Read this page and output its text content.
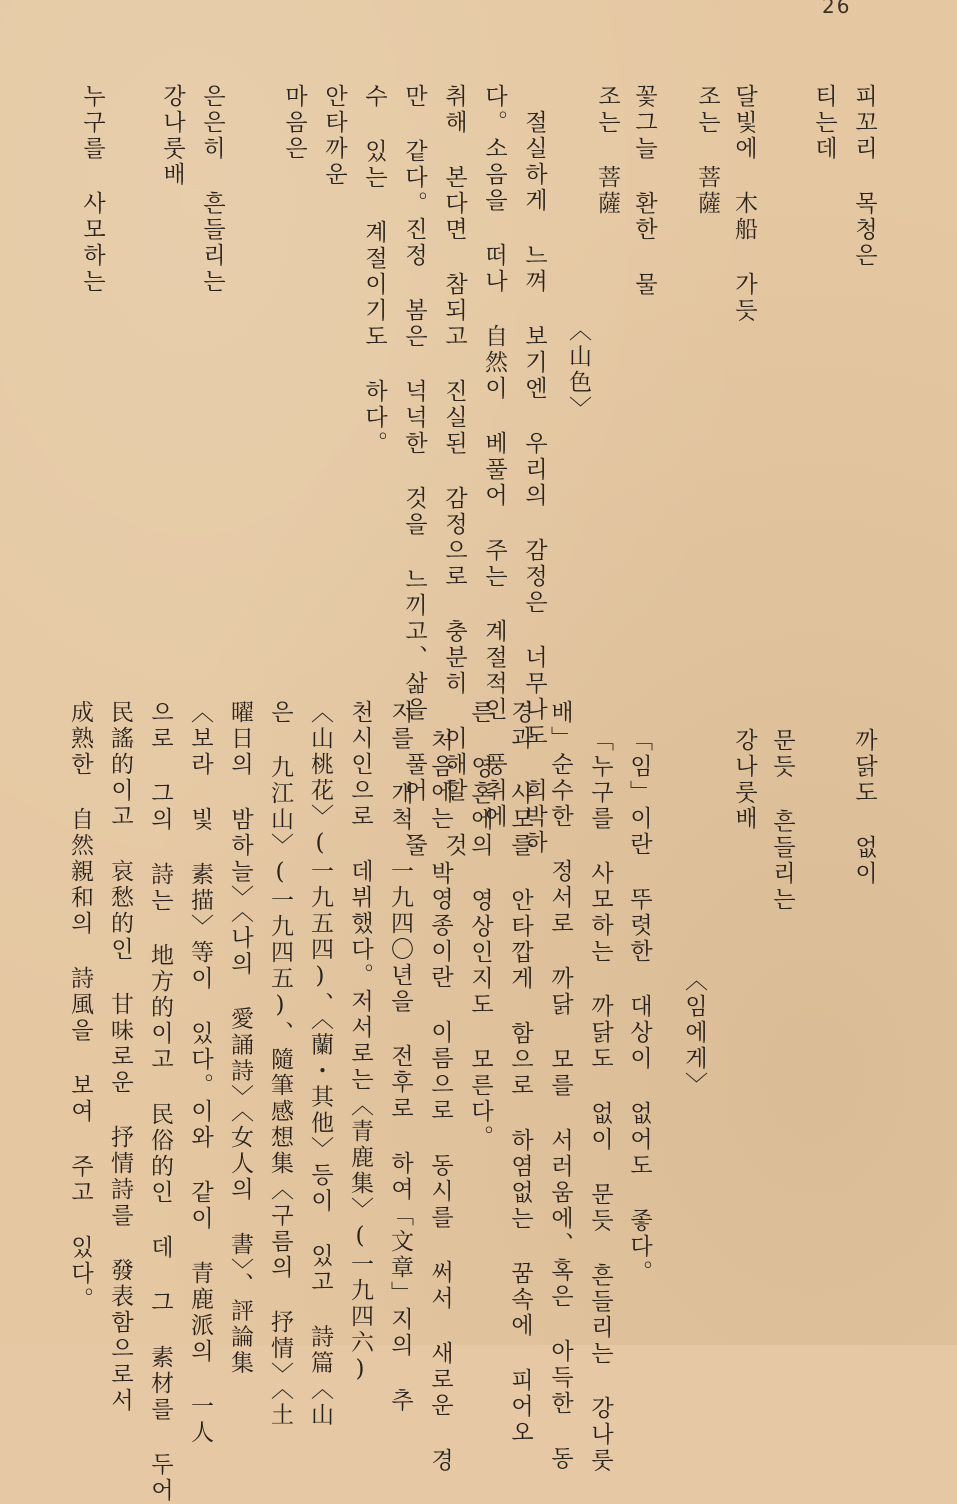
26
피꼬리 목청은
티는데
달빛에 木船 가듯
조는 菩薩
꽃그늘 환한 물
조는 菩薩
〈山色〉
절실하게 느껴 보기엔 우리의 감정은 너무나도 희박하
다。소음을 떠나 自然이 베풀어 주는 계절적인 풍취에
취해 본다면 참되고 진실된 감정으로 충분히 이해할 것
만 같다。진정 봄은 넉넉한 것을 느끼고、삶을 풀어 줄
수 있는 계절이기도 하다。
안타까운
마음은
은은히 흔들리는
강나룻배
누구를 사모하는
까닭도 없이
문듯 흔들리는
강나룻배
〈임에게〉
「임」이란 뚜렷한 대상이 없어도 좋다。
「누구를 사모하는 까닭도 없이 문듯 흔들리는 강나룻
배」순수한 정서로 까닭 모를 서러움에、혹은 아득한 동
경과 사모를 안타깝게 함으로 하염없는 꿈속에 피어오
른 영혼에의 영상인지도 모른다。
처음에는 박영종이란 이름으로 동시를 써서 새로운 경
지를 개척、一九四〇년을 전후로 하여「文章」지의 추
천시인으로 데뷔했다。저서로는〈青鹿集〉(一九四六)
〈山桃花〉(一九五四)、〈蘭・其他〉등이 있고 詩篇〈山
은 九江山〉(一九四五)、隨筆感想集〈구름의 抒情〉〈土
曜日의 밤하늘〉〈나의 愛誦詩〉〈女人의 書〉、評論集
〈보라 빛 素描〉等이 있다。이와 같이 青鹿派의 一人
으로 그의 詩는 地方的이고 民俗的인 데 그 素材를 두어
民謠的이고 哀愁的인 甘味로운 抒情詩를 發表함으로서
成熟한 自然親和의 詩風을 보여 주고 있다。
